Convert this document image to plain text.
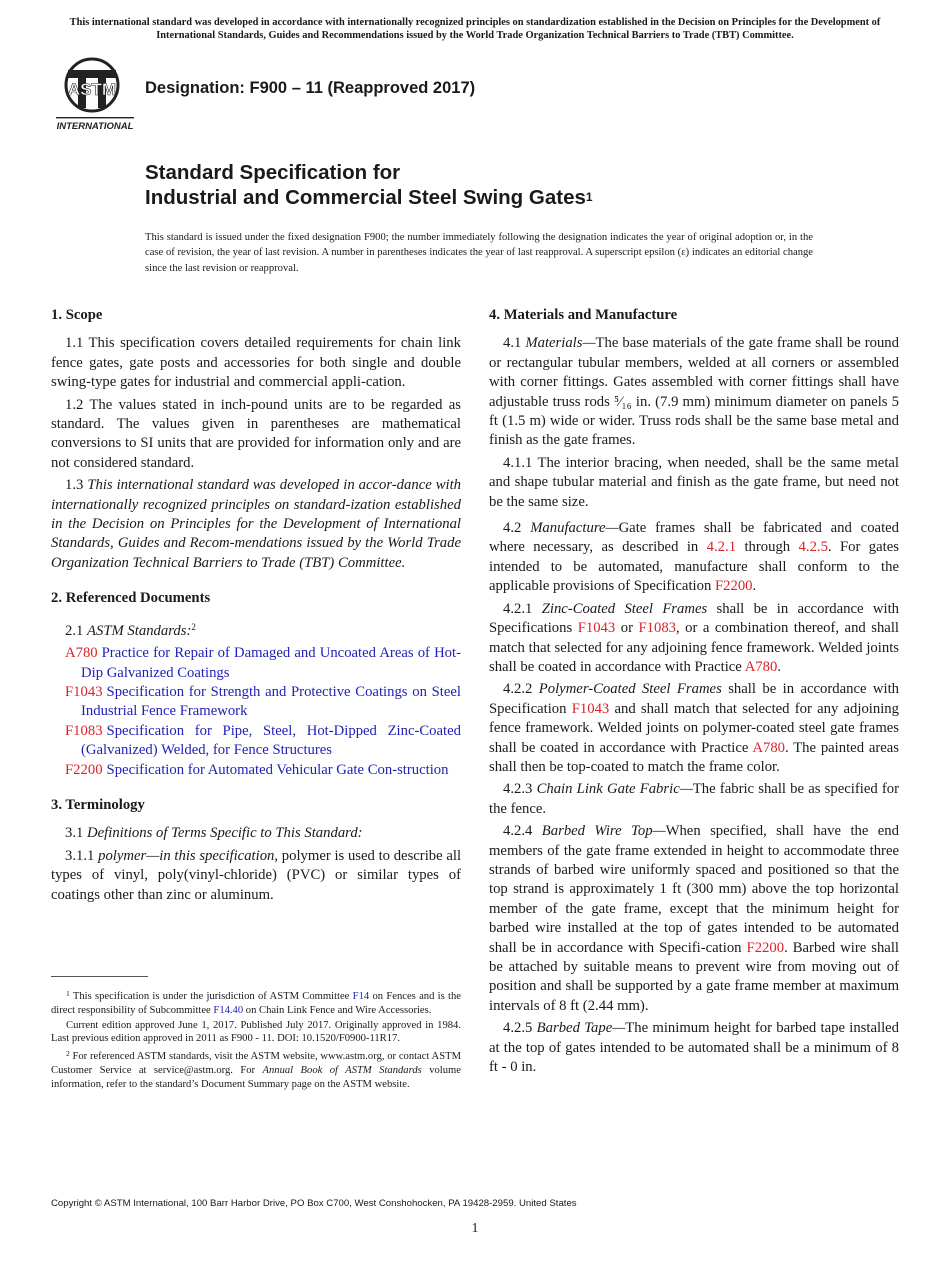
This international standard was developed in accordance with internationally recognized principles on standardization established in the Decision on Principles for the Development of International Standards, Guides and Recommendations issued by the World Trade Organization Technical Barriers to Trade (TBT) Committee.
ASTM
INTERNATIONAL
Designation: F900 – 11 (Reapproved 2017)
Standard Specification for
Industrial and Commercial Steel Swing Gates$^1$
This standard is issued under the fixed designation F900; the number immediately following the designation indicates the year of original adoption or, in the case of revision, the year of last revision. A number in parentheses indicates the year of last reapproval. A superscript epsilon (ε) indicates an editorial change since the last revision or reapproval.
1. Scope

1.1 This specification covers detailed requirements for chain link fence gates, gate posts and accessories for both single and double swing-type gates for industrial and commercial appli-cation.

1.2 The values stated in inch-pound units are to be regarded as standard. The values given in parentheses are mathematical conversions to SI units that are provided for information only and are not considered standard.

1.3 This international standard was developed in accor-dance with internationally recognized principles on standard-ization established in the Decision on Principles for the Development of International Standards, Guides and Recom-mendations issued by the World Trade Organization Technical Barriers to Trade (TBT) Committee.

2. Referenced Documents

2.1 ASTM Standards:$^2$

A780 Practice for Repair of Damaged and Uncoated Areas of Hot-Dip Galvanized Coatings
F1043 Specification for Strength and Protective Coatings on Steel Industrial Fence Framework
F1083 Specification for Pipe, Steel, Hot-Dipped Zinc-Coated (Galvanized) Welded, for Fence Structures
F2200 Specification for Automated Vehicular Gate Con-struction
3. Terminology

3.1 Definitions of Terms Specific to This Standard:

3.1.1 polymer—in this specification, polymer is used to describe all types of vinyl, poly(vinyl-chloride) (PVC) or similar types of coatings other than zinc or aluminum.

4. Materials and Manufacture

4.1 Materials—The base materials of the gate frame shall be round or rectangular tubular members, welded at all corners or assembled with corner fittings. Gates assembled with corner fittings shall have adjustable truss rods ⁵⁄₁₆ in. (7.9 mm) minimum diameter on panels 5 ft (1.5 m) wide or wider. Truss rods shall be the same base metal and finish as the gate frames.

4.1.1 The interior bracing, when needed, shall be the same metal and shape tubular material and finish as the gate frame, but need not be the same size.

4.2 Manufacture—Gate frames shall be fabricated and coated where necessary, as described in 4.2.1 through 4.2.5. For gates intended to be automated, manufacture shall conform to the applicable provisions of Specification F2200.

4.2.1 Zinc-Coated Steel Frames shall be in accordance with Specifications F1043 or F1083, or a combination thereof, and shall match that selected for any adjoining fence framework. Welded joints shall be coated in accordance with Practice A780.

4.2.2 Polymer-Coated Steel Frames shall be in accordance with Specification F1043 and shall match that selected for any adjoining fence framework. Welded joints on polymer-coated steel gate frames shall be coated in accordance with Practice A780. The painted areas shall then be top-coated to match the frame color.

4.2.3 Chain Link Gate Fabric—The fabric shall be as specified for the fence.

4.2.4 Barbed Wire Top—When specified, shall have the end members of the gate frame extended in height to accommodate three strands of barbed wire uniformly spaced and positioned so that the top strand is approximately 1 ft (300 mm) above the top horizontal member of the gate frame, except that the minimum height for barbed wire installed at the top of gates intended to be automated shall be in accordance with Specifi-cation F2200. Barbed wire shall be attached by suitable means to prevent wire from moving out of position and shall be supported by a gate frame member at maximum intervals of 8 ft (2.44 mm).

4.2.5 Barbed Tape—The minimum height for barbed tape installed at the top of gates intended to be automated shall be a minimum of 8 ft - 0 in.

$^1$ This specification is under the jurisdiction of ASTM Committee F14 on Fences and is the direct responsibility of Subcommittee F14.40 on Chain Link Fence and Wire Accessories.

Current edition approved June 1, 2017. Published July 2017. Originally approved in 1984. Last previous edition approved in 2011 as F900 - 11. DOI: 10.1520/F0900-11R17.

$^2$ For referenced ASTM standards, visit the ASTM website, www.astm.org, or contact ASTM Customer Service at service@astm.org. For Annual Book of ASTM Standards volume information, refer to the standard’s Document Summary page on the ASTM website.

Copyright © ASTM International, 100 Barr Harbor Drive, PO Box C700, West Conshohocken, PA 19428-2959. United States
1
